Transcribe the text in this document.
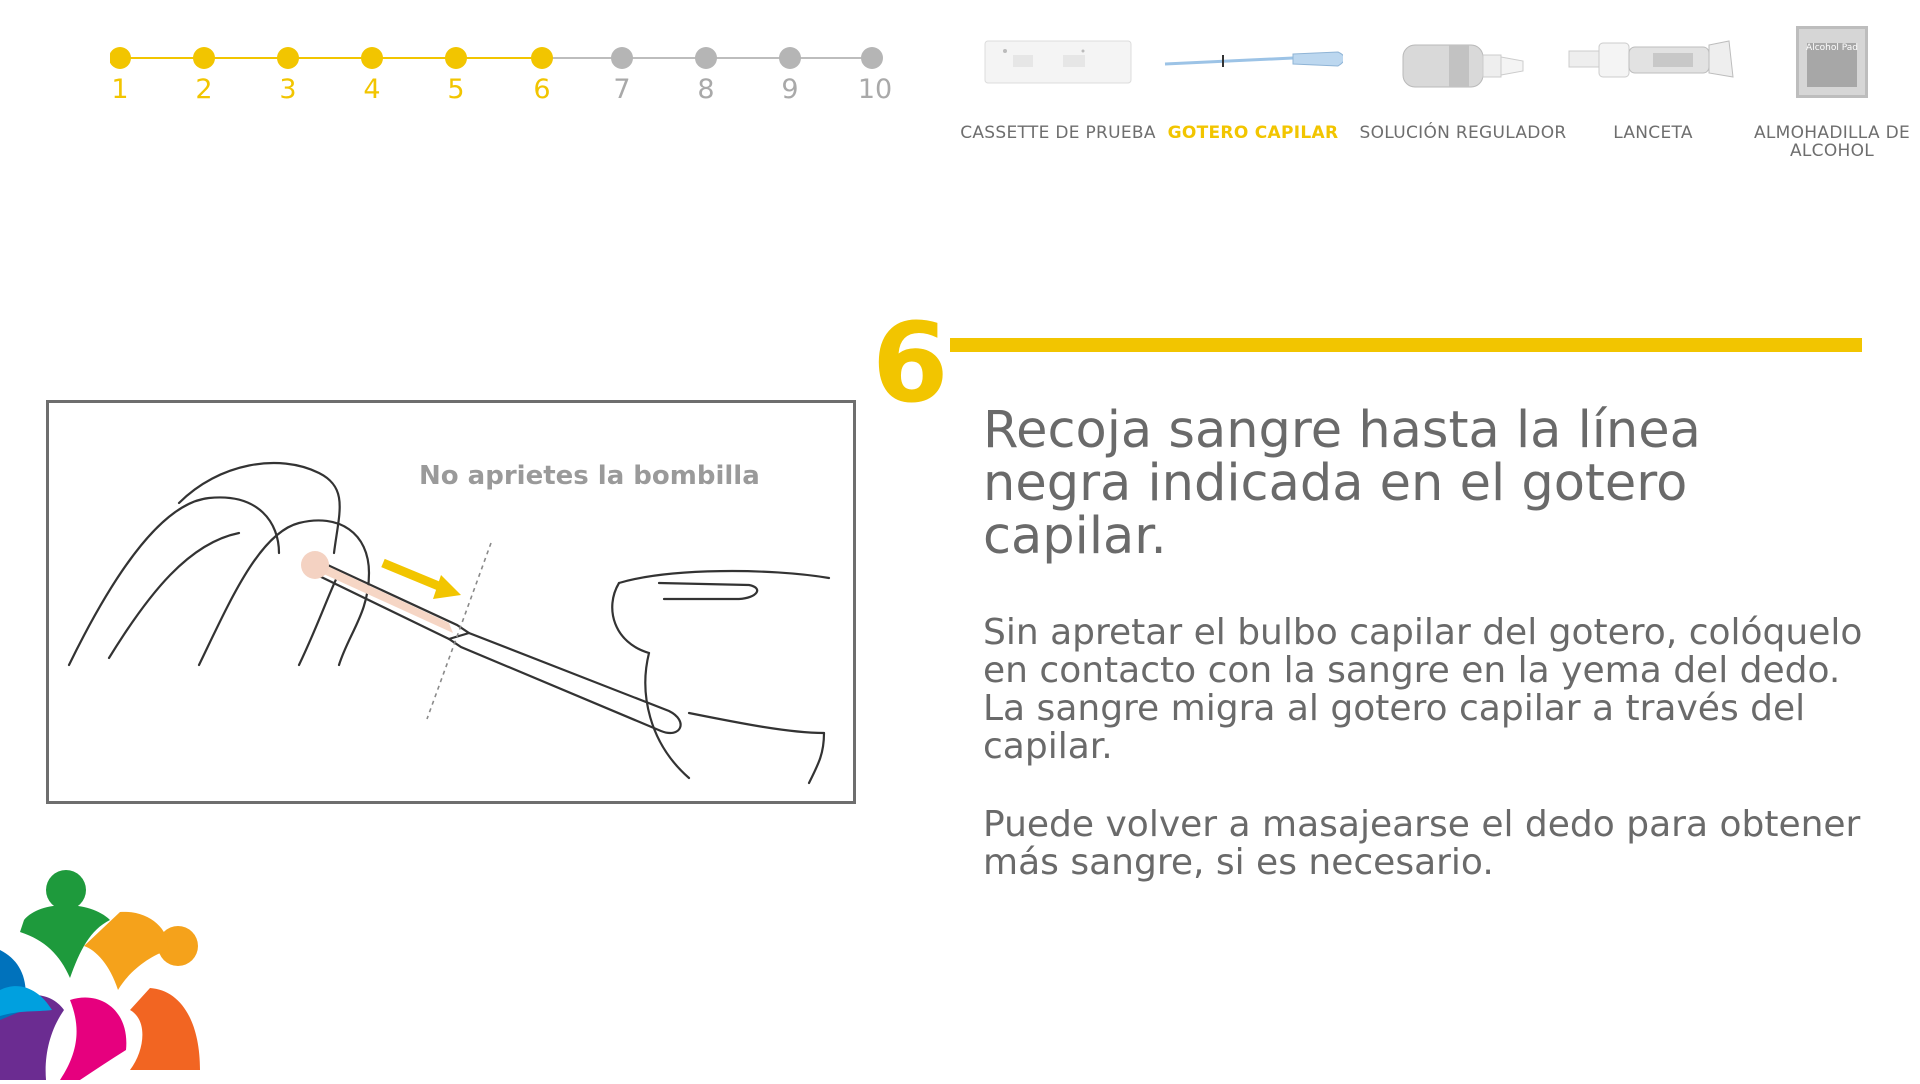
1	2	3	4	5	6	7	8	9	10
CASSETTE DE PRUEBA GOTERO CAPILAR	SOLUCIÓN REGULADOR	LANCETA
Alcohol Pad
ALMOHADILLA DE ALCOHOL
6
Recoja sangre hasta la línea negra indicada en el gotero capilar.

Sin apretar el bulbo capilar del gotero, colóquelo en contacto con la sangre en la yema del dedo. La sangre migra al gotero capilar a través del capilar.

Puede volver a masajearse el dedo para obtener más sangre, si es necesario.

No aprietes la bombilla
